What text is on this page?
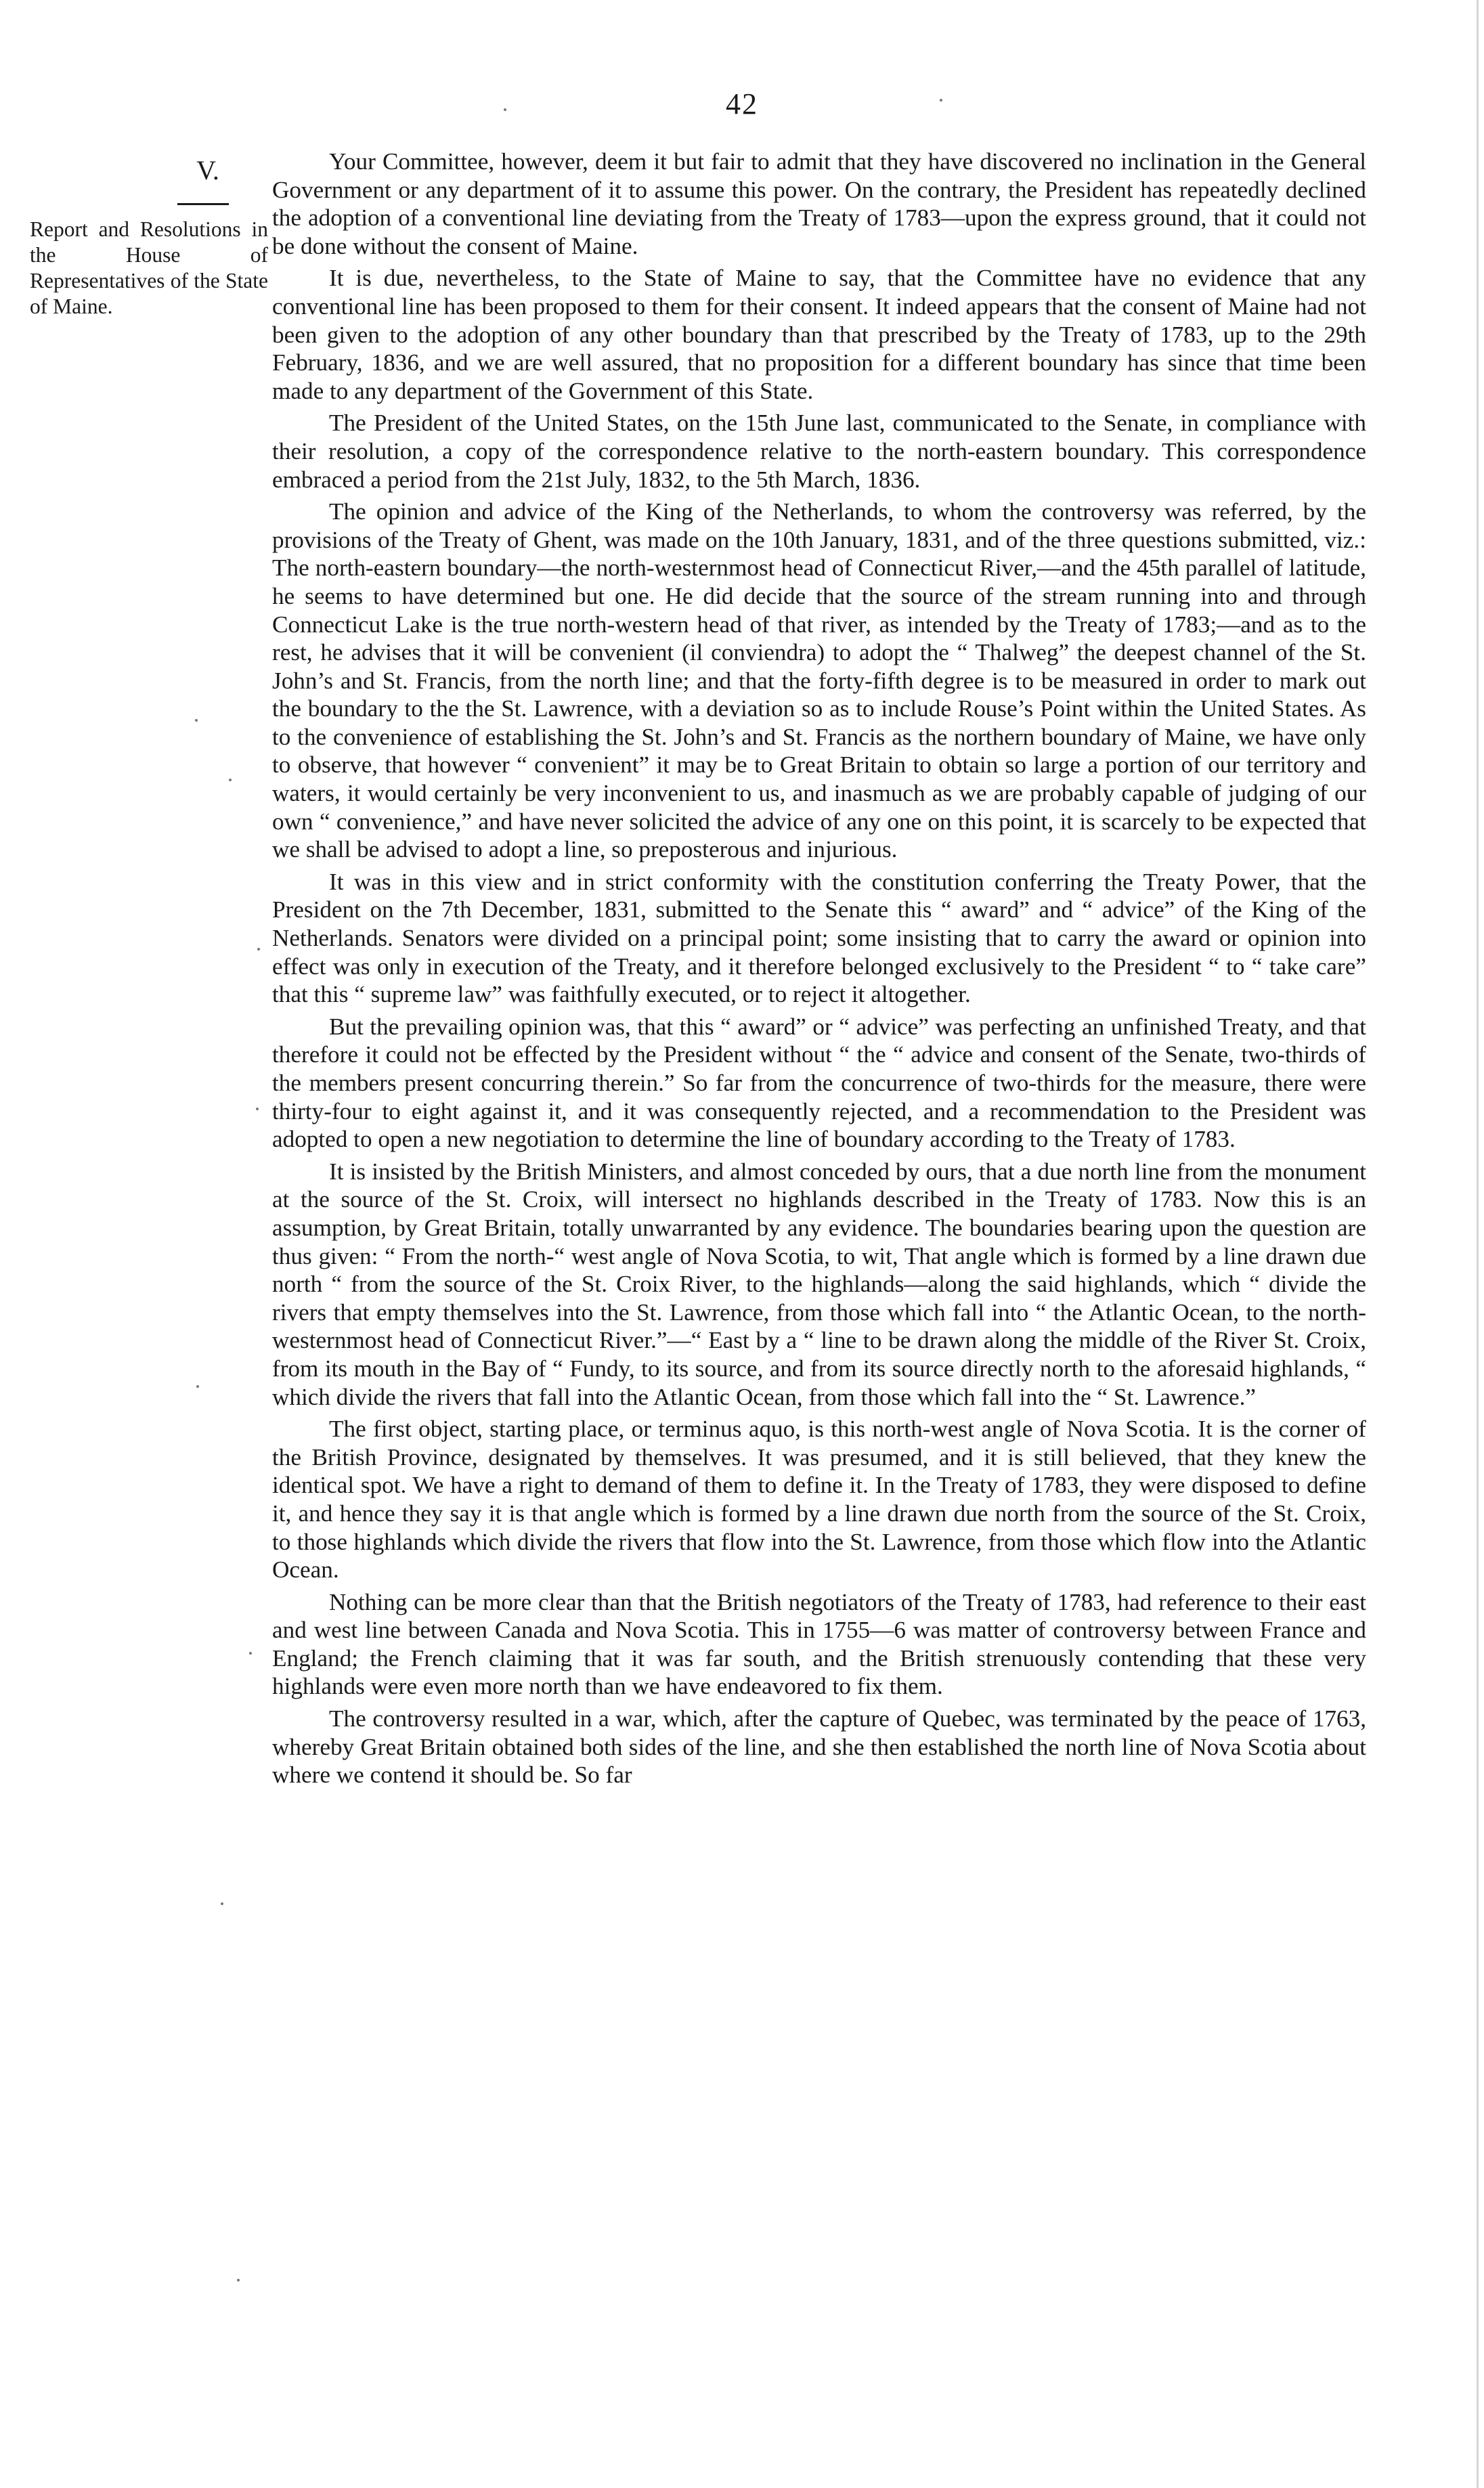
42
V.
Report and Resolutions in the House of Representatives of the State of Maine.

Your Committee, however, deem it but fair to admit that they have discovered no inclination in the General Government or any department of it to assume this power. On the contrary, the President has repeatedly declined the adoption of a conventional line deviating from the Treaty of 1783—upon the express ground, that it could not be done without the consent of Maine.

It is due, nevertheless, to the State of Maine to say, that the Committee have no evidence that any conventional line has been proposed to them for their consent. It indeed appears that the consent of Maine had not been given to the adoption of any other boundary than that prescribed by the Treaty of 1783, up to the 29th February, 1836, and we are well assured, that no proposition for a different boundary has since that time been made to any department of the Government of this State.

The President of the United States, on the 15th June last, communicated to the Senate, in compliance with their resolution, a copy of the correspondence relative to the north-eastern boundary. This correspondence embraced a period from the 21st July, 1832, to the 5th March, 1836.

The opinion and advice of the King of the Netherlands, to whom the controversy was referred, by the provisions of the Treaty of Ghent, was made on the 10th January, 1831, and of the three questions submitted, viz.: The north-eastern boundary—the north-westernmost head of Connecticut River,—and the 45th parallel of latitude, he seems to have determined but one. He did decide that the source of the stream running into and through Connecticut Lake is the true north-western head of that river, as intended by the Treaty of 1783;—and as to the rest, he advises that it will be convenient (il conviendra) to adopt the “ Thalweg” the deepest channel of the St. John’s and St. Francis, from the north line; and that the forty-fifth degree is to be measured in order to mark out the boundary to the the St. Lawrence, with a deviation so as to include Rouse’s Point within the United States. As to the convenience of establishing the St. John’s and St. Francis as the northern boundary of Maine, we have only to observe, that however “ convenient” it may be to Great Britain to obtain so large a portion of our territory and waters, it would certainly be very inconvenient to us, and inasmuch as we are probably capable of judging of our own “ convenience,” and have never solicited the advice of any one on this point, it is scarcely to be expected that we shall be advised to adopt a line, so preposterous and injurious.

It was in this view and in strict conformity with the constitution conferring the Treaty Power, that the President on the 7th December, 1831, submitted to the Senate this “ award” and “ advice” of the King of the Netherlands. Senators were divided on a principal point; some insisting that to carry the award or opinion into effect was only in execution of the Treaty, and it therefore belonged exclusively to the President “ to “ take care” that this “ supreme law” was faithfully executed, or to reject it altogether.

But the prevailing opinion was, that this “ award” or “ advice” was perfecting an unfinished Treaty, and that therefore it could not be effected by the President without “ the “ advice and consent of the Senate, two-thirds of the members present concurring therein.” So far from the concurrence of two-thirds for the measure, there were thirty-four to eight against it, and it was consequently rejected, and a recommendation to the President was adopted to open a new negotiation to determine the line of boundary according to the Treaty of 1783.

It is insisted by the British Ministers, and almost conceded by ours, that a due north line from the monument at the source of the St. Croix, will intersect no highlands described in the Treaty of 1783. Now this is an assumption, by Great Britain, totally unwarranted by any evidence. The boundaries bearing upon the question are thus given: “ From the north-“ west angle of Nova Scotia, to wit, That angle which is formed by a line drawn due north “ from the source of the St. Croix River, to the highlands—along the said highlands, which “ divide the rivers that empty themselves into the St. Lawrence, from those which fall into “ the Atlantic Ocean, to the north-westernmost head of Connecticut River.”—“ East by a “ line to be drawn along the middle of the River St. Croix, from its mouth in the Bay of “ Fundy, to its source, and from its source directly north to the aforesaid highlands, “ which divide the rivers that fall into the Atlantic Ocean, from those which fall into the “ St. Lawrence.”

The first object, starting place, or terminus aquo, is this north-west angle of Nova Scotia. It is the corner of the British Province, designated by themselves. It was presumed, and it is still believed, that they knew the identical spot. We have a right to demand of them to define it. In the Treaty of 1783, they were disposed to define it, and hence they say it is that angle which is formed by a line drawn due north from the source of the St. Croix, to those highlands which divide the rivers that flow into the St. Lawrence, from those which flow into the Atlantic Ocean.

Nothing can be more clear than that the British negotiators of the Treaty of 1783, had reference to their east and west line between Canada and Nova Scotia. This in 1755—6 was matter of controversy between France and England; the French claiming that it was far south, and the British strenuously contending that these very highlands were even more north than we have endeavored to fix them.

The controversy resulted in a war, which, after the capture of Quebec, was terminated by the peace of 1763, whereby Great Britain obtained both sides of the line, and she then established the north line of Nova Scotia about where we contend it should be. So far
